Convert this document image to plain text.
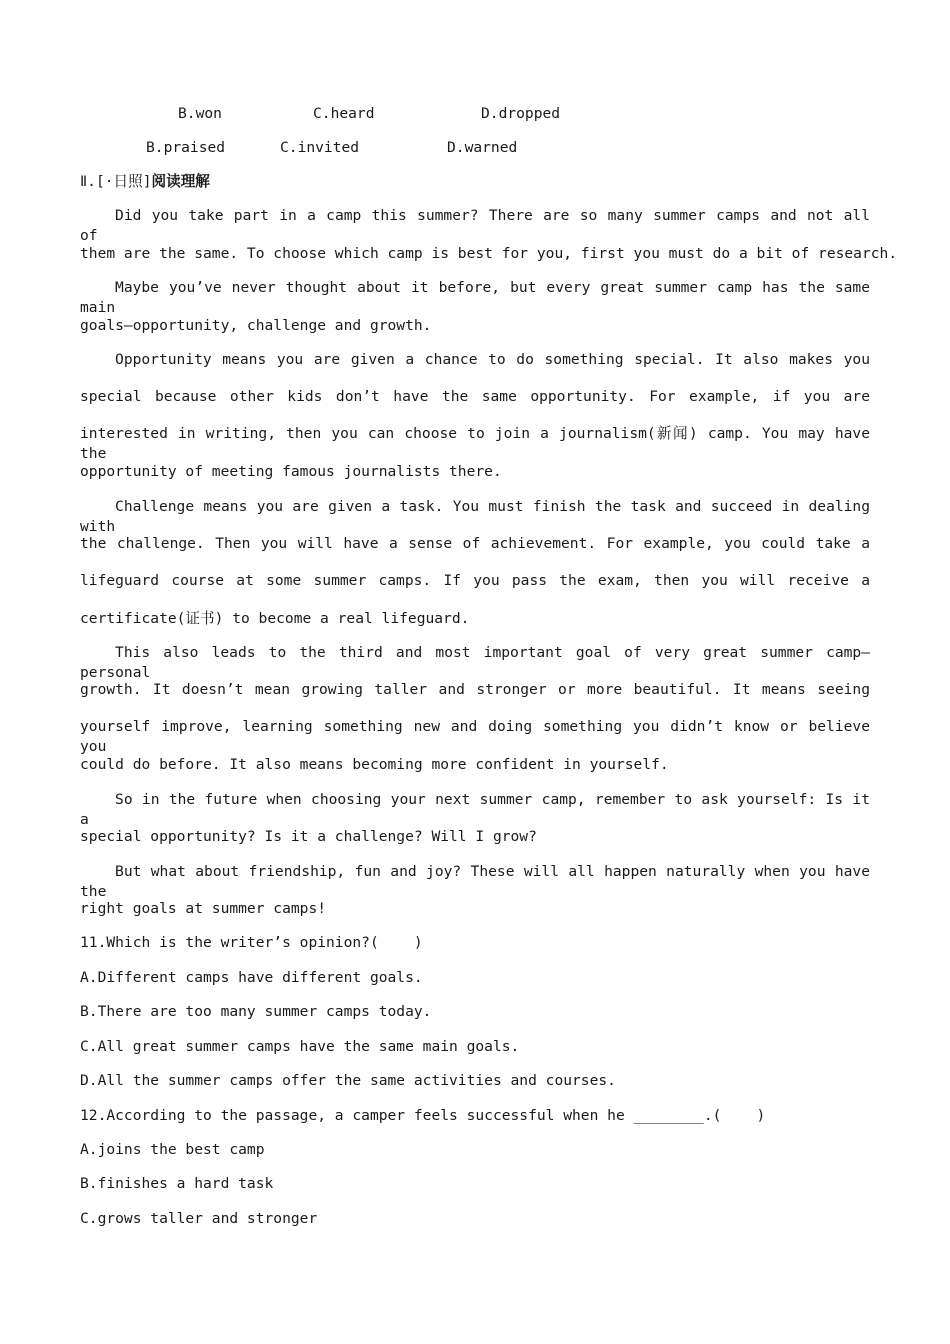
B.won	C.heard	D.dropped
B.praised	C.invited	D.warned
Ⅱ.[·日照]阅读理解
Did you take part in a camp this summer? There are so many summer camps and not all of
them are the same. To choose which camp is best for you, first you must do a bit of research.
Maybe you’ve never thought about it before, but every great summer camp has the same main
goals—opportunity, challenge and growth.
Opportunity means you are given a chance to do something special. It also makes you
special because other kids don’t have the same opportunity. For example, if you are
interested in writing, then you can choose to join a journalism(新闻) camp. You may have the
opportunity of meeting famous journalists there.
Challenge means you are given a task. You must finish the task and succeed in dealing with
the challenge. Then you will have a sense of achievement. For example, you could take a
lifeguard course at some summer camps. If you pass the exam, then you will receive a
certificate(证书) to become a real lifeguard.
This also leads to the third and most important goal of very great summer camp—personal
growth. It doesn’t mean growing taller and stronger or more beautiful. It means seeing
yourself improve, learning something new and doing something you didn’t know or believe you
could do before. It also means becoming more confident in yourself.
So in the future when choosing your next summer camp, remember to ask yourself: Is it a
special opportunity? Is it a challenge? Will I grow?
But what about friendship, fun and joy? These will all happen naturally when you have the
right goals at summer camps!
11.Which is the writer’s opinion?(    )
A.Different camps have different goals.
B.There are too many summer camps today.
C.All great summer camps have the same main goals.
D.All the summer camps offer the same activities and courses.
12.According to the passage, a camper feels successful when he ________.(    )
A.joins the best camp
B.finishes a hard task
C.grows taller and stronger
